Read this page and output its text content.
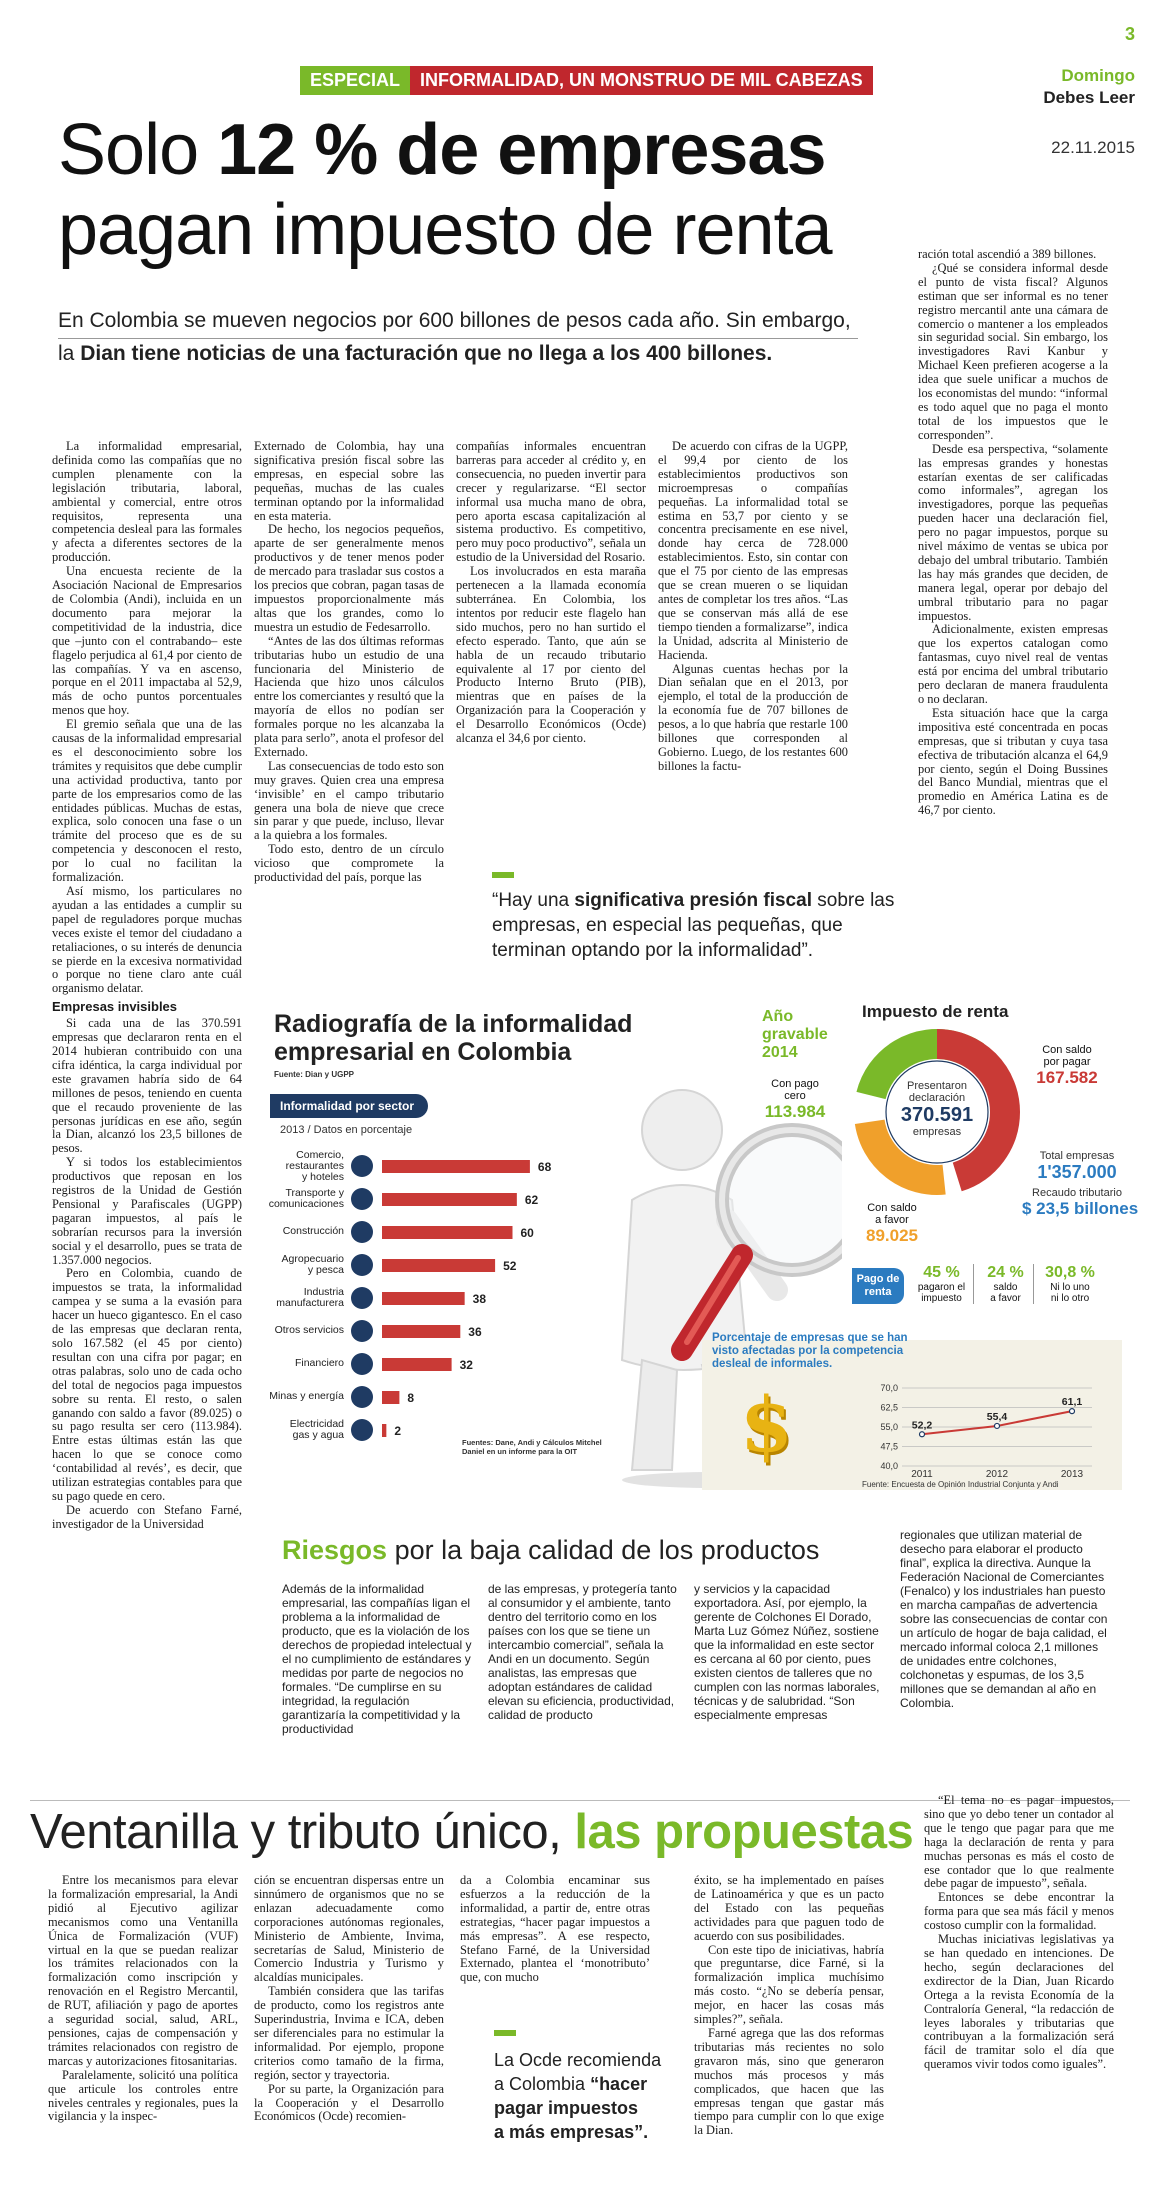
3
Domingo
Debes Leer
22.11.2015
ESPECIAL	INFORMALIDAD, UN MONSTRUO DE MIL CABEZAS
Solo 12 % de empresas
pagan impuesto de renta
En Colombia se mueven negocios por 600 billones de pesos cada año. Sin embargo,
la Dian tiene noticias de una facturación que no llega a los 400 billones.

La informalidad empresarial, definida como las compañías que no cumplen plenamente con la legislación tributaria, laboral, ambiental y comercial, entre otros requisitos, representa una competencia desleal para las formales y afecta a diferentes sectores de la producción.

Una encuesta reciente de la Asociación Nacional de Empresarios de Colombia (Andi), incluida en un documento para mejorar la competitividad de la industria, dice que –junto con el contrabando– este flagelo perjudica al 61,4 por ciento de las compañías. Y va en ascenso, porque en el 2011 impactaba al 52,9, más de ocho puntos porcentuales menos que hoy.

El gremio señala que una de las causas de la informalidad empresarial es el desconocimiento sobre los trámites y requisitos que debe cumplir una actividad productiva, tanto por parte de los empresarios como de las entidades públicas. Muchas de estas, explica, solo conocen una fase o un trámite del proceso que es de su competencia y desconocen el resto, por lo cual no facilitan la formalización.

Así mismo, los particulares no ayudan a las entidades a cumplir su papel de reguladores porque muchas veces existe el temor del ciudadano a retaliaciones, o su interés de denuncia se pierde en la excesiva normatividad o porque no tiene claro ante cuál organismo delatar.

Empresas invisibles

Si cada una de las 370.591 empresas que declararon renta en el 2014 hubieran contribuido con una cifra idéntica, la carga individual por este gravamen habría sido de 64 millones de pesos, teniendo en cuenta que el recaudo proveniente de las personas jurídicas en ese año, según la Dian, alcanzó los 23,5 billones de pesos.

Y si todos los establecimientos productivos que reposan en los registros de la Unidad de Gestión Pensional y Parafiscales (UGPP) pagaran impuestos, al país le sobrarían recursos para la inversión social y el desarrollo, pues se trata de 1.357.000 negocios.

Pero en Colombia, cuando de impuestos se trata, la informalidad campea y se suma a la evasión para hacer un hueco gigantesco. En el caso de las empresas que declaran renta, solo 167.582 (el 45 por ciento) resultan con una cifra por pagar; en otras palabras, solo uno de cada ocho del total de negocios paga impuestos sobre su renta. El resto, o salen ganando con saldo a favor (89.025) o su pago resulta ser cero (113.984). Entre estas últimas están las que hacen lo que se conoce como ‘contabilidad al revés’, es decir, que utilizan estrategias contables para que su pago quede en cero.

De acuerdo con Stefano Farné, investigador de la Universidad

Externado de Colombia, hay una significativa presión fiscal sobre las empresas, en especial sobre las pequeñas, muchas de las cuales terminan optando por la informalidad en esta materia.

De hecho, los negocios pequeños, aparte de ser generalmente menos productivos y de tener menos poder de mercado para trasladar sus costos a los precios que cobran, pagan tasas de impuestos proporcionalmente más altas que los grandes, como lo muestra un estudio de Fedesarrollo.

“Antes de las dos últimas reformas tributarias hubo un estudio de una funcionaria del Ministerio de Hacienda que hizo unos cálculos entre los comerciantes y resultó que la mayoría de ellos no podían ser formales porque no les alcanzaba la plata para serlo”, anota el profesor del Externado.

Las consecuencias de todo esto son muy graves. Quien crea una empresa ‘invisible’ en el campo tributario genera una bola de nieve que crece sin parar y que puede, incluso, llevar a la quiebra a los formales.

Todo esto, dentro de un círculo vicioso que compromete la productividad del país, porque las

compañías informales encuentran barreras para acceder al crédito y, en consecuencia, no pueden invertir para crecer y regularizarse. “El sector informal usa mucha mano de obra, pero aporta escasa capitalización al sistema productivo. Es competitivo, pero muy poco productivo”, señala un estudio de la Universidad del Rosario.

Los involucrados en esta maraña pertenecen a la llamada economía subterránea. En Colombia, los intentos por reducir este flagelo han sido muchos, pero no han surtido el efecto esperado. Tanto, que aún se habla de un recaudo tributario equivalente al 17 por ciento del Producto Interno Bruto (PIB), mientras que en países de la Organización para la Cooperación y el Desarrollo Económicos (Ocde) alcanza el 34,6 por ciento.

De acuerdo con cifras de la UGPP, el 99,4 por ciento de los establecimientos productivos son microempresas o compañías pequeñas. La informalidad total se estima en 53,7 por ciento y se concentra precisamente en ese nivel, donde hay cerca de 728.000 establecimientos. Esto, sin contar con que el 75 por ciento de las empresas que se crean mueren o se liquidan antes de completar los tres años. “Las que se conservan más allá de ese tiempo tienden a formalizarse”, indica la Unidad, adscrita al Ministerio de Hacienda.

Algunas cuentas hechas por la Dian señalan que en el 2013, por ejemplo, el total de la producción de la economía fue de 707 billones de pesos, a lo que habría que restarle 100 billones que corresponden al Gobierno. Luego, de los restantes 600 billones la factu-

ración total ascendió a 389 billones.

¿Qué se considera informal desde el punto de vista fiscal? Algunos estiman que ser informal es no tener registro mercantil ante una cámara de comercio o mantener a los empleados sin seguridad social. Sin embargo, los investigadores Ravi Kanbur y Michael Keen prefieren acogerse a la idea que suele unificar a muchos de los economistas del mundo: “informal es todo aquel que no paga el monto total de los impuestos que le corresponden”.

Desde esa perspectiva, “solamente las empresas grandes y honestas estarían exentas de ser calificadas como informales”, agregan los investigadores, porque las pequeñas pueden hacer una declaración fiel, pero no pagar impuestos, porque su nivel máximo de ventas se ubica por debajo del umbral tributario. También las hay más grandes que deciden, de manera legal, operar por debajo del umbral tributario para no pagar impuestos.

Adicionalmente, existen empresas que los expertos catalogan como fantasmas, cuyo nivel real de ventas está por encima del umbral tributario pero declaran de manera fraudulenta o no declaran.

Esta situación hace que la carga impositiva esté concentrada en pocas empresas, que si tributan y cuya tasa efectiva de tributación alcanza el 64,9 por ciento, según el Doing Bussines del Banco Mundial, mientras que el promedio en América Latina es de 46,7 por ciento.

“Hay una significativa presión fiscal sobre las empresas, en especial las pequeñas, que terminan optando por la informalidad”.
Radiografía de la informalidad
empresarial en Colombia
Fuente: Dian y UGPP
Informalidad por sector
2013 / Datos en porcentaje
Comercio, restaurantes y hoteles
68
Transporte y comunicaciones	62
Construcción	60
Agropecuario y pesca	52
Industria manufacturera	38
Otros servicios	36
Financiero	32
Minas y energía	8
Electricidad gas y agua	2
Fuentes: Dane, Andi y Cálculos Mitchel Daniel en un informe para la OIT
Año
gravable
2014
Impuesto de renta
Presentaron
declaración
370.591
empresas
Con pago
cero
113.984
Con saldo
por pagar
167.582
Con saldo
a favor
89.025
Total empresas
1'357.000
Recaudo tributario
$ 23,5 billones
Pago de
renta
45 %
pagaron el
impuesto
24 %
saldo
a favor
30,8 %
Ni lo uno
ni lo otro
Porcentaje de empresas que se han
visto afectadas por la competencia
desleal de informales.
$	70,0
62,5
55,0
47,5
40,0
52,2
2011
55,4
2012
61,1
2013
Fuente: Encuesta de Opinión Industrial Conjunta y Andi
Riesgos por la baja calidad de los productos

Además de la informalidad empresarial, las compañías ligan el problema a la informalidad de producto, que es la violación de los derechos de propiedad intelectual y el no cumplimiento de estándares y medidas por parte de negocios no formales. “De cumplirse en su integridad, la regulación garantizaría la competitividad y la productividad

de las empresas, y protegería tanto al consumidor y el ambiente, tanto dentro del territorio como en los países con los que se tiene un intercambio comercial”, señala la Andi en un documento. Según analistas, las empresas que adoptan estándares de calidad elevan su eficiencia, productividad, calidad de producto

y servicios y la capacidad exportadora. Así, por ejemplo, la gerente de Colchones El Dorado, Marta Luz Gómez Núñez, sostiene que la informalidad en este sector es cercana al 60 por ciento, pues existen cientos de talleres que no cumplen con las normas laborales, técnicas y de salubridad. “Son especialmente empresas

regionales que utilizan material de desecho para elaborar el producto final”, explica la directiva. Aunque la Federación Nacional de Comerciantes (Fenalco) y los industriales han puesto en marcha campañas de advertencia sobre las consecuencias de contar con un artículo de hogar de baja calidad, el mercado informal coloca 2,1 millones de unidades entre colchones, colchonetas y espumas, de los 3,5 millones que se demandan al año en Colombia.

Ventanilla y tributo único, las propuestas

Entre los mecanismos para elevar la formalización empresarial, la Andi pidió al Ejecutivo agilizar mecanismos como una Ventanilla Única de Formalización (VUF) virtual en la que se puedan realizar los trámites relacionados con la formalización como inscripción y renovación en el Registro Mercantil, de RUT, afiliación y pago de aportes a seguridad social, salud, ARL, pensiones, cajas de compensación y trámites relacionados con registro de marcas y autorizaciones fitosanitarias.

Paralelamente, solicitó una política que articule los controles entre niveles centrales y regionales, pues la vigilancia y la inspec-

ción se encuentran dispersas entre un sinnúmero de organismos que no se enlazan adecuadamente como corporaciones autónomas regionales, Ministerio de Ambiente, Invima, secretarías de Salud, Ministerio de Comercio Industria y Turismo y alcaldías municipales.

También considera que las tarifas de producto, como los registros ante Superindustria, Invima e ICA, deben ser diferenciales para no estimular la informalidad. Por ejemplo, propone criterios como tamaño de la firma, región, sector y trayectoria.

Por su parte, la Organización para la Cooperación y el Desarrollo Económicos (Ocde) recomien-

da a Colombia encaminar sus esfuerzos a la reducción de la informalidad, a partir de, entre otras estrategias, “hacer pagar impuestos a más empresas”. A ese respecto, Stefano Farné, de la Universidad Externado, plantea el ‘monotributo’ que, con mucho

La Ocde recomienda
a Colombia “hacer
pagar impuestos
a más empresas”.

éxito, se ha implementado en países de Latinoamérica y que es un pacto del Estado con las pequeñas actividades para que paguen todo de acuerdo con sus posibilidades.

Con este tipo de iniciativas, habría que preguntarse, dice Farné, si la formalización implica muchísimo más costo. “¿No se debería pensar, mejor, en hacer las cosas más simples?”, señala.

Farné agrega que las dos reformas tributarias más recientes no solo gravaron más, sino que generaron muchos más procesos y más complicados, que hacen que las empresas tengan que gastar más tiempo para cumplir con lo que exige la Dian.

“El tema no es pagar impuestos, sino que yo debo tener un contador al que le tengo que pagar para que me haga la declaración de renta y para muchas personas es más el costo de ese contador que lo que realmente debe pagar de impuesto”, señala.

Entonces se debe encontrar la forma para que sea más fácil y menos costoso cumplir con la formalidad.

Muchas iniciativas legislativas ya se han quedado en intenciones. De hecho, según declaraciones del exdirector de la Dian, Juan Ricardo Ortega a la revista Economía de la Contraloría General, “la redacción de leyes laborales y tributarias que contribuyan a la formalización será fácil de tramitar solo el día que queramos vivir todos como iguales”.
